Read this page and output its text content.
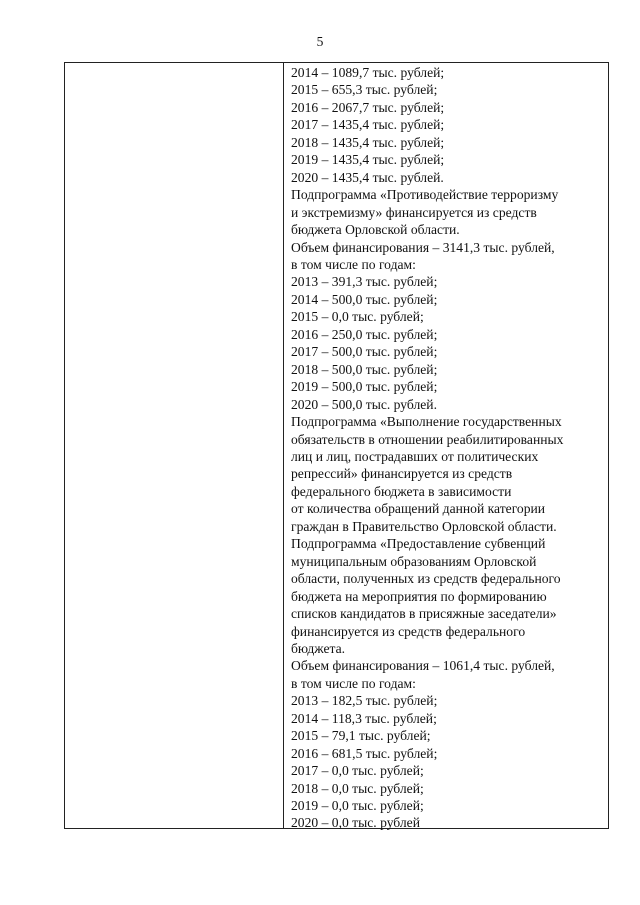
5
2014 – 1089,7 тыс. рублей;
2015 – 655,3 тыс. рублей;
2016 – 2067,7 тыс. рублей;
2017 – 1435,4 тыс. рублей;
2018 – 1435,4 тыс. рублей;
2019 – 1435,4 тыс. рублей;
2020 – 1435,4 тыс. рублей.
Подпрограмма «Противодействие терроризму
и экстремизму» финансируется из средств
бюджета Орловской области.
Объем финансирования – 3141,3 тыс. рублей,
в том числе по годам:
2013 – 391,3 тыс. рублей;
2014 – 500,0 тыс. рублей;
2015 – 0,0 тыс. рублей;
2016 – 250,0 тыс. рублей;
2017 – 500,0 тыс. рублей;
2018 – 500,0 тыс. рублей;
2019 – 500,0 тыс. рублей;
2020 – 500,0 тыс. рублей.
Подпрограмма «Выполнение государственных
обязательств в отношении реабилитированных
лиц и лиц, пострадавших от политических
репрессий» финансируется из средств
федерального бюджета в зависимости
от количества обращений данной категории
граждан в Правительство Орловской области.
Подпрограмма «Предоставление субвенций
муниципальным образованиям Орловской
области, полученных из средств федерального
бюджета на мероприятия по формированию
списков кандидатов в присяжные заседатели»
финансируется из средств федерального
бюджета.
Объем финансирования – 1061,4 тыс. рублей,
в том числе по годам:
2013 – 182,5 тыс. рублей;
2014 – 118,3 тыс. рублей;
2015 – 79,1 тыс. рублей;
2016 – 681,5 тыс. рублей;
2017 – 0,0 тыс. рублей;
2018 – 0,0 тыс. рублей;
2019 – 0,0 тыс. рублей;
2020 – 0,0 тыс. рублей
